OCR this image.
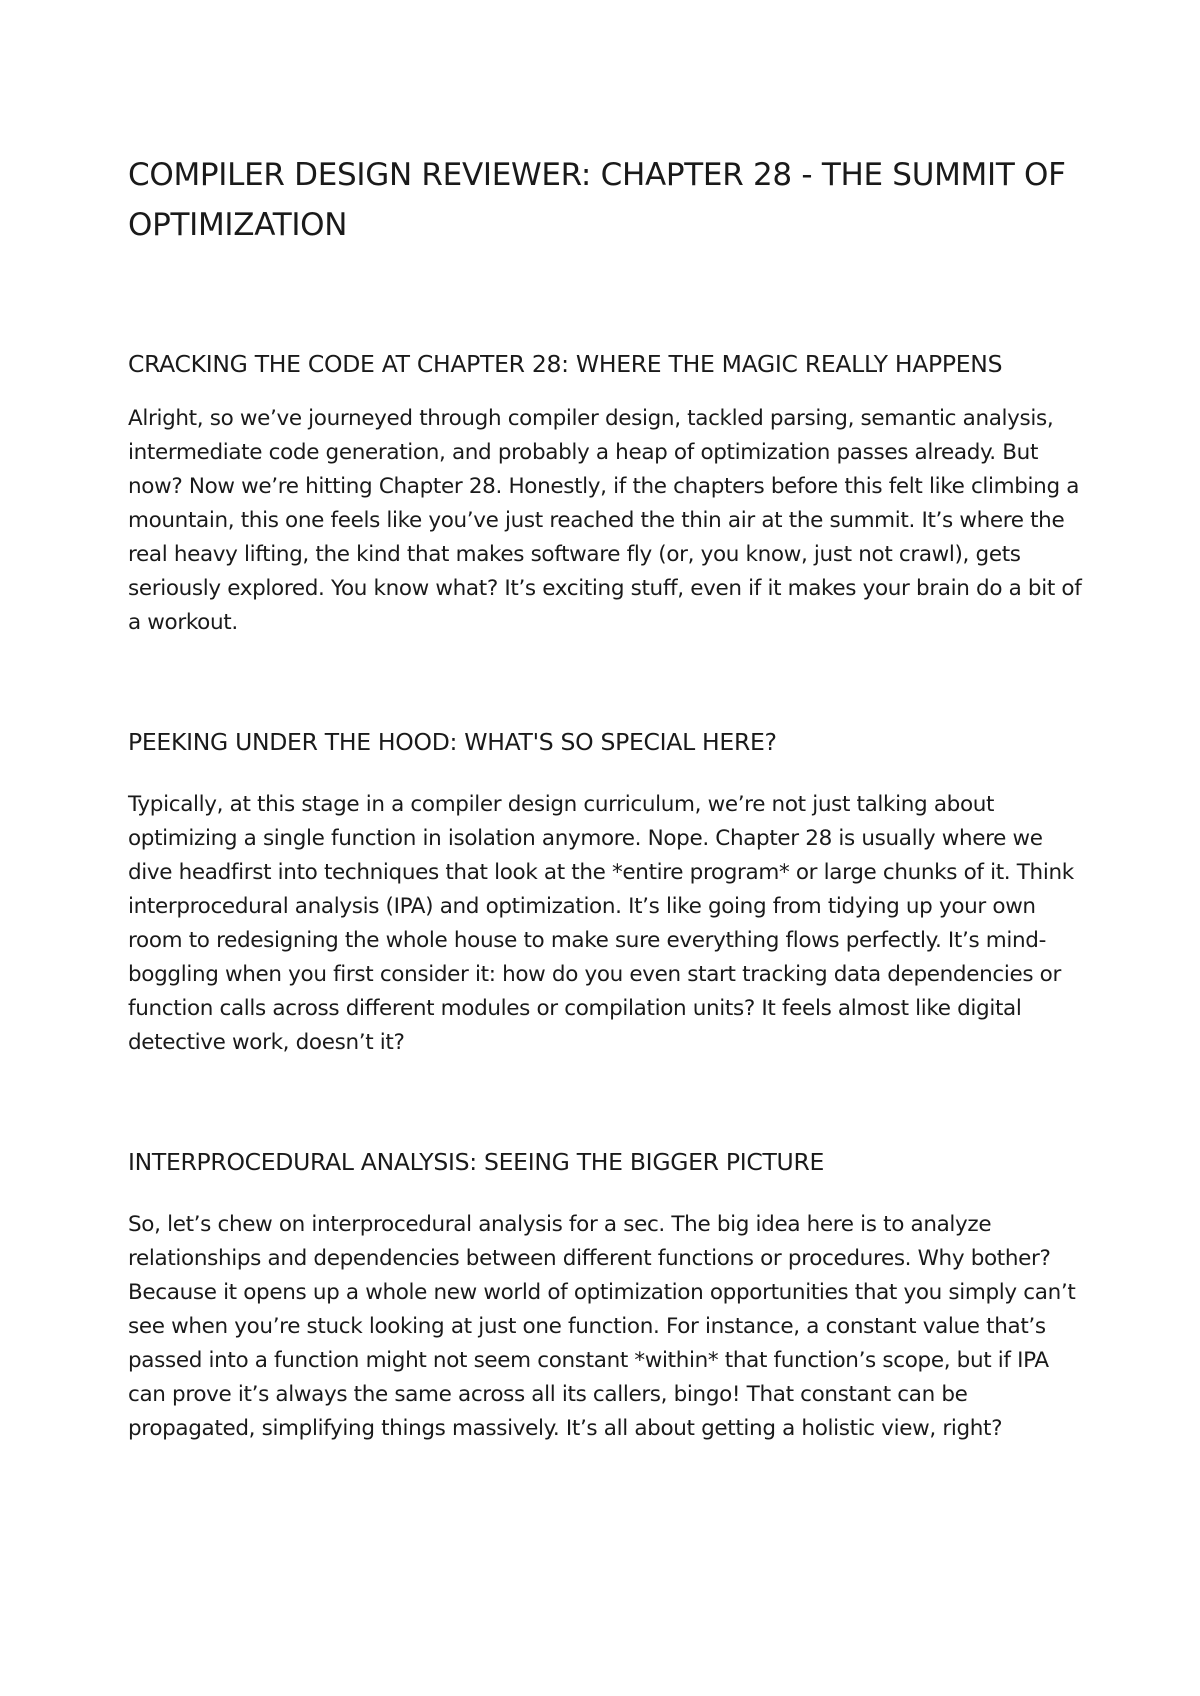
COMPILER DESIGN REVIEWER: CHAPTER 28 - THE SUMMIT OF OPTIMIZATION
CRACKING THE CODE AT CHAPTER 28: WHERE THE MAGIC REALLY HAPPENS

Alright, so we’ve journeyed through compiler design, tackled parsing, semantic analysis, intermediate code generation, and probably a heap of optimization passes already. But now? Now we’re hitting Chapter 28. Honestly, if the chapters before this felt like climbing a mountain, this one feels like you’ve just reached the thin air at the summit. It’s where the real heavy lifting, the kind that makes software fly (or, you know, just not crawl), gets seriously explored. You know what? It’s exciting stuff, even if it makes your brain do a bit of a workout.

PEEKING UNDER THE HOOD: WHAT'S SO SPECIAL HERE?

Typically, at this stage in a compiler design curriculum, we’re not just talking about optimizing a single function in isolation anymore. Nope. Chapter 28 is usually where we dive headfirst into techniques that look at the *entire program* or large chunks of it. Think interprocedural analysis (IPA) and optimization. It’s like going from tidying up your own room to redesigning the whole house to make sure everything flows perfectly. It’s mind-boggling when you first consider it: how do you even start tracking data dependencies or function calls across different modules or compilation units? It feels almost like digital detective work, doesn’t it?

INTERPROCEDURAL ANALYSIS: SEEING THE BIGGER PICTURE

So, let’s chew on interprocedural analysis for a sec. The big idea here is to analyze relationships and dependencies between different functions or procedures. Why bother? Because it opens up a whole new world of optimization opportunities that you simply can’t see when you’re stuck looking at just one function. For instance, a constant value that’s passed into a function might not seem constant *within* that function’s scope, but if IPA can prove it’s always the same across all its callers, bingo! That constant can be propagated, simplifying things massively. It’s all about getting a holistic view, right?
